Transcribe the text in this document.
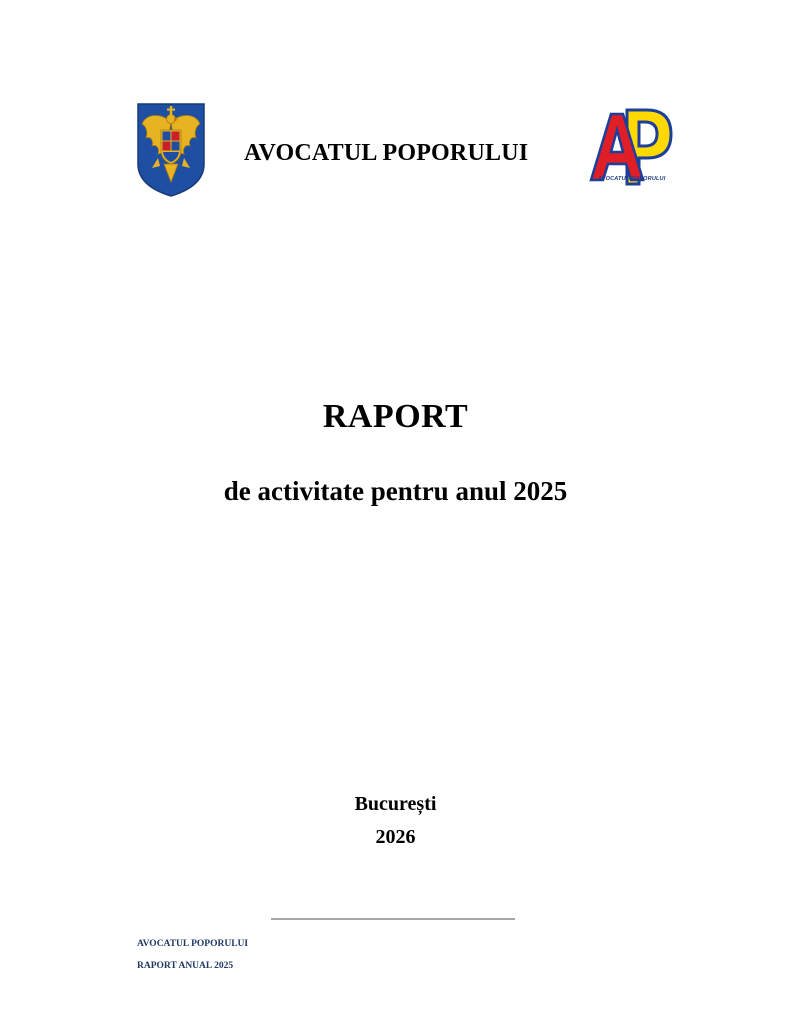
AVOCATUL POPORULUI
AVOCATUL POPORULUI
RAPORT
de activitate pentru anul 2025
București
2026
AVOCATUL POPORULUI
RAPORT ANUAL 2025
